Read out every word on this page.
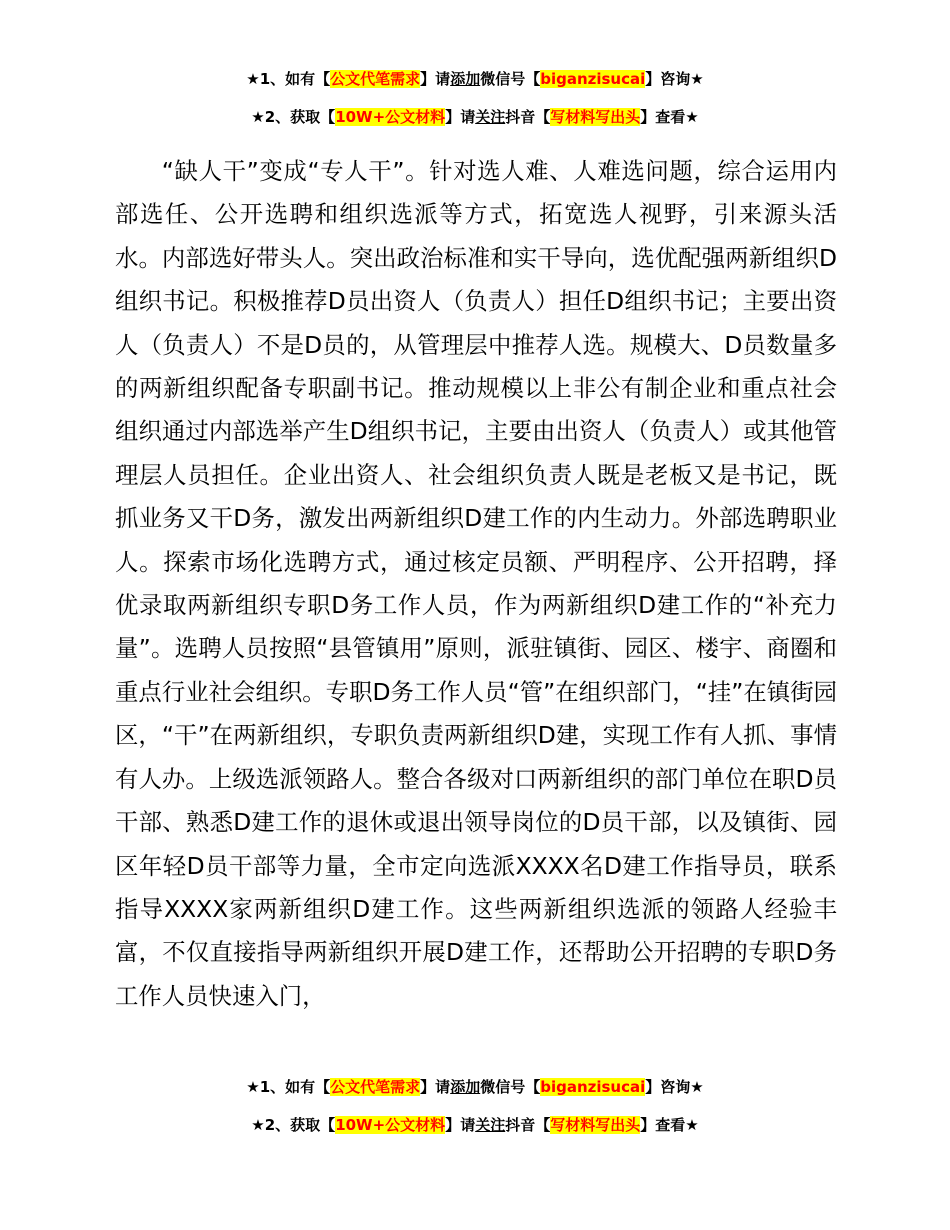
★1、如有【公文代笔需求】请添加微信号【biganzisucai】咨询★
★2、获取【10W+公文材料】请关注抖音【写材料写出头】查看★

“缺人干”变成“专人干”。针对选人难、人难选问题，综合运用内部选任、公开选聘和组织选派等方式，拓宽选人视野，引来源头活水。内部选好带头人。突出政治标准和实干导向，选优配强两新组织D组织书记。积极推荐D员出资人（负责人）担任D组织书记；主要出资人（负责人）不是D员的，从管理层中推荐人选。规模大、D员数量多的两新组织配备专职副书记。推动规模以上非公有制企业和重点社会组织通过内部选举产生D组织书记，主要由出资人（负责人）或其他管理层人员担任。企业出资人、社会组织负责人既是老板又是书记，既抓业务又干D务，激发出两新组织D建工作的内生动力。外部选聘职业人。探索市场化选聘方式，通过核定员额、严明程序、公开招聘，择优录取两新组织专职D务工作人员，作为两新组织D建工作的“补充力量”。选聘人员按照“县管镇用”原则，派驻镇街、园区、楼宇、商圈和重点行业社会组织。专职D务工作人员“管”在组织部门，“挂”在镇街园区，“干”在两新组织，专职负责两新组织D建，实现工作有人抓、事情有人办。上级选派领路人。整合各级对口两新组织的部门单位在职D员干部、熟悉D建工作的退休或退出领导岗位的D员干部，以及镇街、园区年轻D员干部等力量，全市定向选派XXXX名D建工作指导员，联系指导XXXX家两新组织D建工作。这些两新组织选派的领路人经验丰富，不仅直接指导两新组织开展D建工作，还帮助公开招聘的专职D务工作人员快速入门，

★1、如有【公文代笔需求】请添加微信号【biganzisucai】咨询★
★2、获取【10W+公文材料】请关注抖音【写材料写出头】查看★
